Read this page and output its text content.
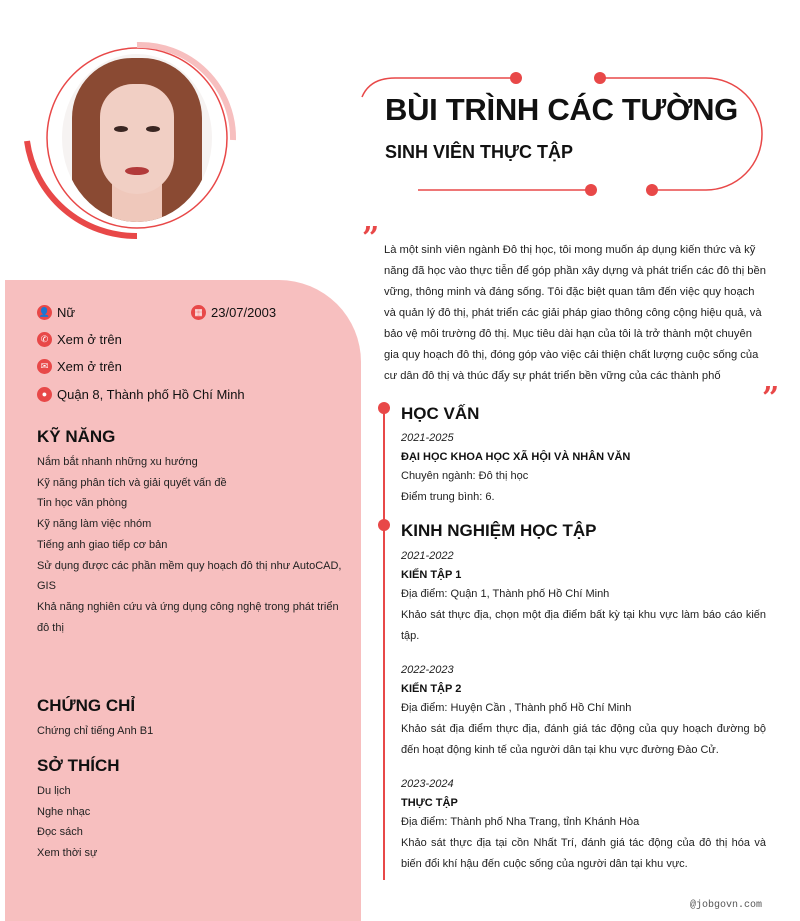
BÙI TRÌNH CÁC TƯỜNG
SINH VIÊN THỰC TẬP
” Là một sinh viên ngành Đô thị học, tôi mong muốn áp dụng kiến thức và kỹ năng đã học vào thực tiễn để góp phần xây dựng và phát triển các đô thị bền vững, thông minh và đáng sống. Tôi đặc biệt quan tâm đến việc quy hoạch và quản lý đô thị, phát triển các giải pháp giao thông công cộng hiệu quả, và bảo vệ môi trường đô thị. Mục tiêu dài hạn của tôi là trở thành một chuyên gia quy hoạch đô thị, đóng góp vào việc cải thiện chất lượng cuộc sống của cư dân đô thị và thúc đẩy sự phát triển bền vững của các thành phố
”
👤 Nữ	▦ 23/07/2003
✆ Xem ở trên
✉ Xem ở trên
● Quận 8, Thành phố Hồ Chí Minh
KỸ NĂNG
Nắm bắt nhanh những xu hướng
Kỹ năng phân tích và giải quyết vấn đề
Tin học văn phòng
Kỹ năng làm việc nhóm
Tiếng anh giao tiếp cơ bản
Sử dụng được các phần mềm quy hoạch đô thị như AutoCAD, GIS
Khả năng nghiên cứu và ứng dụng công nghệ trong phát triển đô thị
CHỨNG CHỈ
Chứng chỉ tiếng Anh B1
SỞ THÍCH
Du lịch
Nghe nhạc
Đọc sách
Xem thời sự
HỌC VẤN
2021-2025
ĐẠI HỌC KHOA HỌC XÃ HỘI VÀ NHÂN VĂN
Chuyên ngành: Đô thị học
Điểm trung bình: 6.
KINH NGHIỆM HỌC TẬP
2021-2022
KIẾN TẬP 1
Địa điểm: Quận 1, Thành phố Hồ Chí Minh
Khảo sát thực địa, chọn một địa điểm bất kỳ tại khu vực làm báo cáo kiến tập.
2022-2023
KIẾN TẬP 2
Địa điểm: Huyện Cần , Thành phố Hồ Chí Minh
Khảo sát địa điểm thực địa, đánh giá tác động của quy hoạch đường bộ đến hoạt động kinh tế của người dân tại khu vực đường Đào Cử.
2023-2024
THỰC TẬP
Địa điểm: Thành phố Nha Trang, tỉnh Khánh Hòa
Khảo sát thực địa tại cồn Nhất Trí, đánh giá tác động của đô thị hóa và biến đổi khí hậu đến cuộc sống của người dân tại khu vực.
@jobgovn.com
